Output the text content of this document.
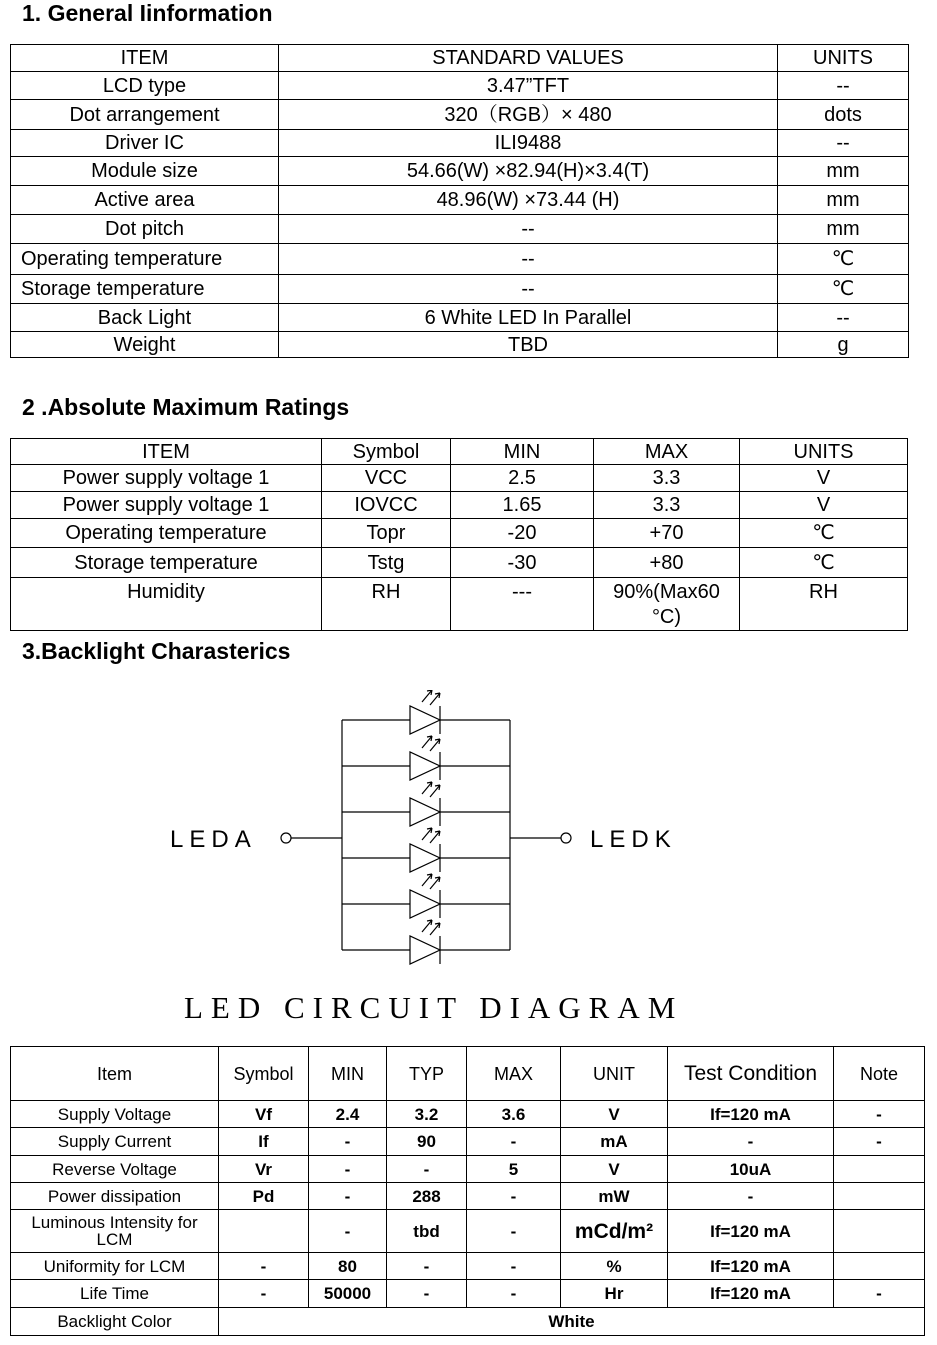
1. General Iinformation
ITEM	STANDARD VALUES	UNITS
LCD type	3.47”TFT	--
Dot arrangement	320（RGB）× 480	dots
Driver IC	ILI9488	--
Module size	54.66(W) ×82.94(H)×3.4(T)	mm
Active area	48.96(W) ×73.44 (H)	mm
Dot pitch	--	mm
Operating temperature	--	℃
Storage temperature	--	℃
Back Light	6 White LED In Parallel	--
Weight	TBD	g
2 .Absolute Maximum Ratings
ITEM	Symbol	MIN	MAX	UNITS
Power supply voltage 1	VCC	2.5	3.3	V
Power supply voltage 1	IOVCC	1.65	3.3	V
Operating temperature	Topr	-20	+70	℃
Storage temperature	Tstg	-30	+80	℃
Humidity	RH	---	90%(Max60 °C)	RH
3.Backlight Charasterics
LEDA	LEDK
LED CIRCUIT DIAGRAM
Item	Symbol	MIN	TYP	MAX	UNIT	Test Condition	Note
Supply Voltage	Vf	2.4	3.2	3.6	V	If=120 mA	-
Supply Current	If	-	90	-	mA	-	-
Reverse Voltage	Vr	-	-	5	V	10uA	
Power dissipation	Pd	-	288	-	mW	-	
Luminous Intensity for LCM		-	tbd	-	mCd/m²	If=120 mA	
Uniformity for LCM	-	80	-	-	%	If=120 mA	
Life Time	-	50000	-	-	Hr	If=120 mA	-
Backlight Color	White						
